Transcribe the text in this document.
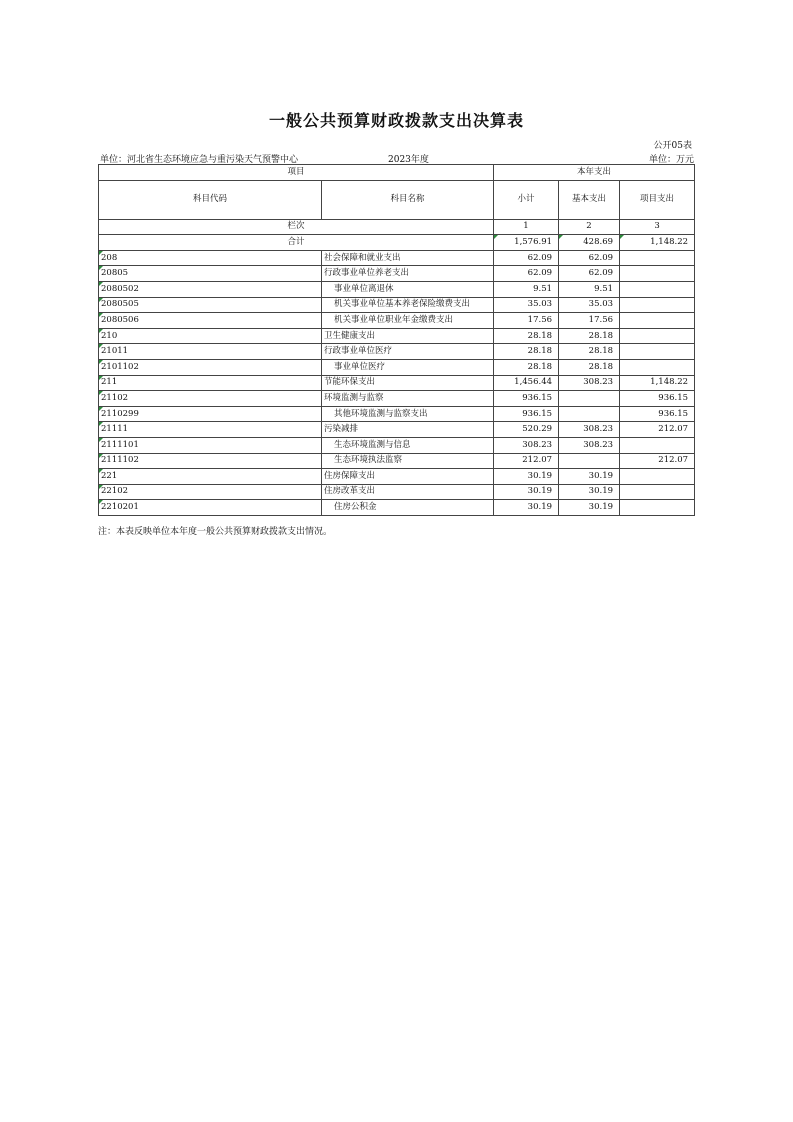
一般公共预算财政拨款支出决算表
公开05表
单位：河北省生态环境应急与重污染天气预警中心	2023年度	单位：万元
项目		本年支出		
科目代码	科目名称	小计	基本支出	项目支出
栏次		1	2	3
合计		1,576.91	428.69	1,148.22
208	社会保障和就业支出	62.09	62.09	
20805	行政事业单位养老支出	62.09	62.09	
2080502	事业单位离退休	9.51	9.51	
2080505	机关事业单位基本养老保险缴费支出	35.03	35.03	
2080506	机关事业单位职业年金缴费支出	17.56	17.56	
210	卫生健康支出	28.18	28.18	
21011	行政事业单位医疗	28.18	28.18	
2101102	事业单位医疗	28.18	28.18	
211	节能环保支出	1,456.44	308.23	1,148.22
21102	环境监测与监察	936.15		936.15
2110299	其他环境监测与监察支出	936.15		936.15
21111	污染减排	520.29	308.23	212.07
2111101	生态环境监测与信息	308.23	308.23	
2111102	生态环境执法监察	212.07		212.07
221	住房保障支出	30.19	30.19	
22102	住房改革支出	30.19	30.19	
2210201	住房公积金	30.19	30.19	
注：本表反映单位本年度一般公共预算财政拨款支出情况。
